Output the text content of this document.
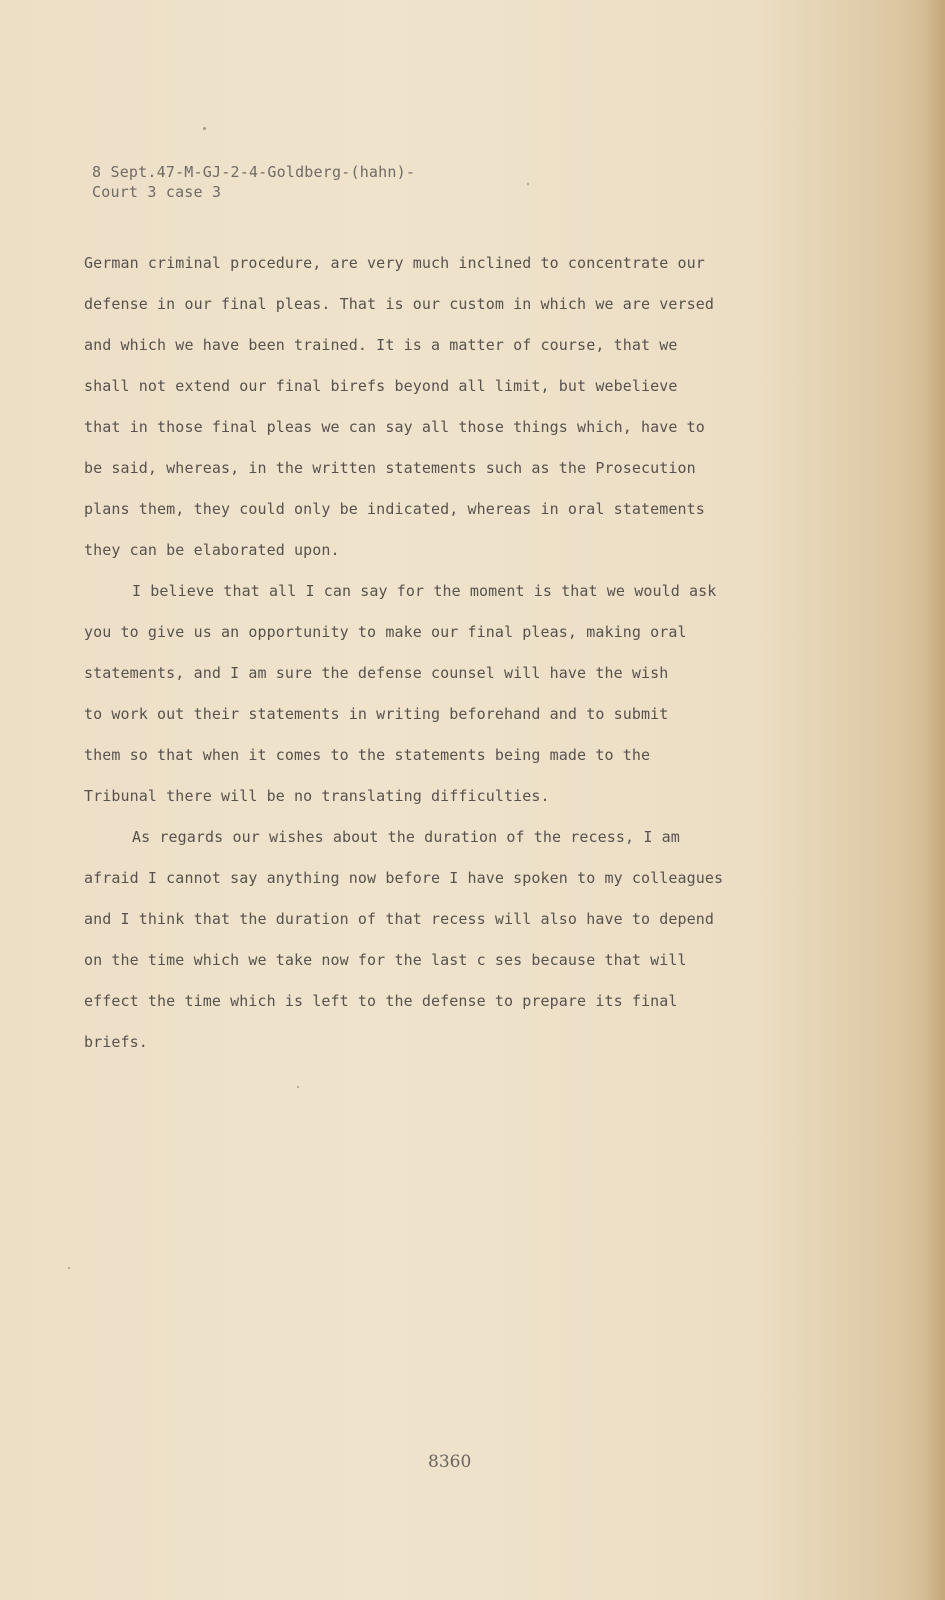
8 Sept.47-M-GJ-2-4-Goldberg-(hahn)-
Court 3 case 3

German criminal procedure, are very much inclined to concentrate our
defense in our final pleas. That is our custom in which we are versed
and which we have been trained. It is a matter of course, that we
shall not extend our final birefs beyond all limit, but webelieve
that in those final pleas we can say all those things which, have to
be said, whereas, in the written statements such as the Prosecution
plans them, they could only be indicated, whereas in oral statements
they can be elaborated upon.

I believe that all I can say for the moment is that we would ask
you to give us an opportunity to make our final pleas, making oral
statements, and I am sure the defense counsel will have the wish
to work out their statements in writing beforehand and to submit
them so that when it comes to the statements being made to the
Tribunal there will be no translating difficulties.

As regards our wishes about the duration of the recess, I am
afraid I cannot say anything now before I have spoken to my colleagues
and I think that the duration of that recess will also have to depend
on the time which we take now for the last c ses because that will
effect the time which is left to the defense to prepare its final
briefs.

8360
